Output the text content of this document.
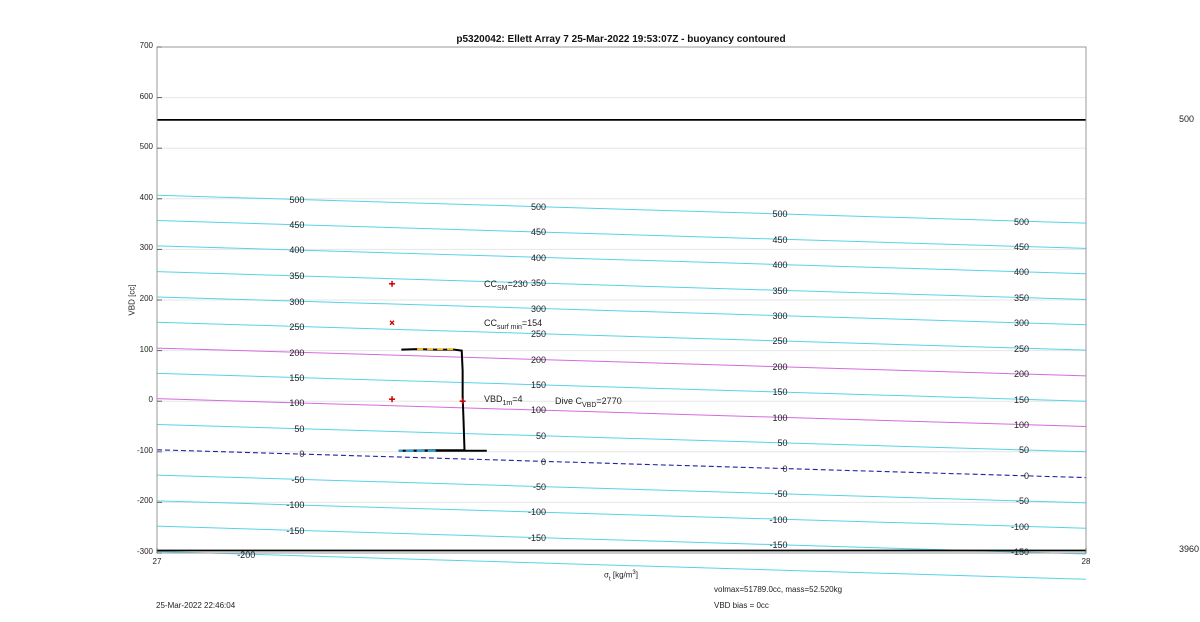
-200
-150
-150
-150
-150
-100
-100
-100
-100
-50
-50
-50
-50
0
0
0
0
50
50
50
50
100
100
100
100
150
150
150
150
200
200
200
200
250
250
250
250
300
300
300
300
350
350
350
350
400
400
400
400
450
450
450
450
500
500
500
500
500
3960
700
600
500
400
300
200
100
0
-100
-200
-300
27	28
p5320042: Ellett Array 7 25-Mar-2022 19:53:07Z - buoyancy contoured
VBD [cc]
$\sigma_t$ $[kg/m^3]$
$CC_{SM}=230$
$CC_{surf min}=154$
$VBD_{1m}=4$	Dive $C_{VBD}=2770$
25-Mar-2022 22:46:04
volmax=51789.0cc, mass=52.520kg
VBD bias = 0cc
